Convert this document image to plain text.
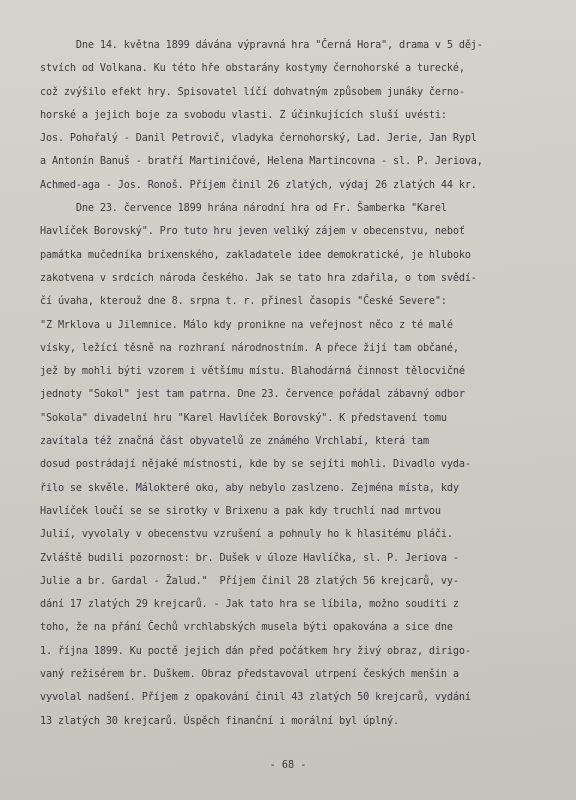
Dne 14. května 1899 dávána výpravná hra "Černá Hora", drama v 5 děj-
stvích od Volkana. Ku této hře obstarány kostymy černohorské a turecké,
což zvýšilo efekt hry. Spisovatel líčí dohvatným způsobem junáky černo-
horské a jejich boje za svobodu vlasti. Z účinkujících sluší uvésti:
Jos. Pohořalý - Danil Petrovič, vladyka černohorský, Lad. Jerie, Jan Rypl
a Antonín Banuš - bratří Martiničové, Helena Martincovna - sl. P. Jeriova,
Achmed-aga - Jos. Ronoš. Příjem činil 26 zlatých, výdaj 26 zlatých 44 kr.
Dne 23. července 1899 hrána národní hra od Fr. Šamberka "Karel
Havlíček Borovský". Pro tuto hru jeven veliký zájem v obecenstvu, neboť
památka mučedníka brixenského, zakladatele idee demokratické, je hluboko
zakotvena v srdcích národa českého. Jak se tato hra zdařila, o tom svědí-
čí úvaha, kterouž dne 8. srpna t. r. přinesl časopis "České Severe":
"Z Mrklova u Jilemnice. Málo kdy pronikne na veřejnost něco z té malé
vísky, ležící těsně na rozhraní národnostním. A přece žijí tam občané,
jež by mohli býti vzorem i většímu místu. Blahodárná činnost tělocvičné
jednoty "Sokol" jest tam patrna. Dne 23. července pořádal zábavný odbor
"Sokola" divadelní hru "Karel Havlíček Borovský". K představení tomu
zavítala též značná část obyvatelů ze známého Vrchlabí, která tam
dosud postrádají nějaké místnosti, kde by se sejíti mohli. Divadlo vyda-
řilo se skvěle. Málokteré oko, aby nebylo zaslzeno. Zejména místa, kdy
Havlíček loučí se se sirotky v Brixenu a pak kdy truchlí nad mrtvou
Julií, vyvolaly v obecenstvu vzrušení a pohnuly ho k hlasitému pláči.
Zvláště budili pozornost: br. Dušek v úloze Havlíčka, sl. P. Jeriova -
Julie a br. Gardal - Žalud."  Příjem činil 28 zlatých 56 krejcarů, vy-
dání 17 zlatých 29 krejcarů. - Jak tato hra se líbila, možno souditi z
toho, že na přání Čechů vrchlabských musela býti opakována a sice dne
1. října 1899. Ku poctě jejich dán před počátkem hry živý obraz, dirigo-
vaný režisérem br. Duškem. Obraz představoval utrpení českých menšin a
vyvolal nadšení. Příjem z opakování činil 43 zlatých 50 krejcarů, vydání
13 zlatých 30 krejcarů. Úspěch finanční i morální byl úplný.
- 68 -
